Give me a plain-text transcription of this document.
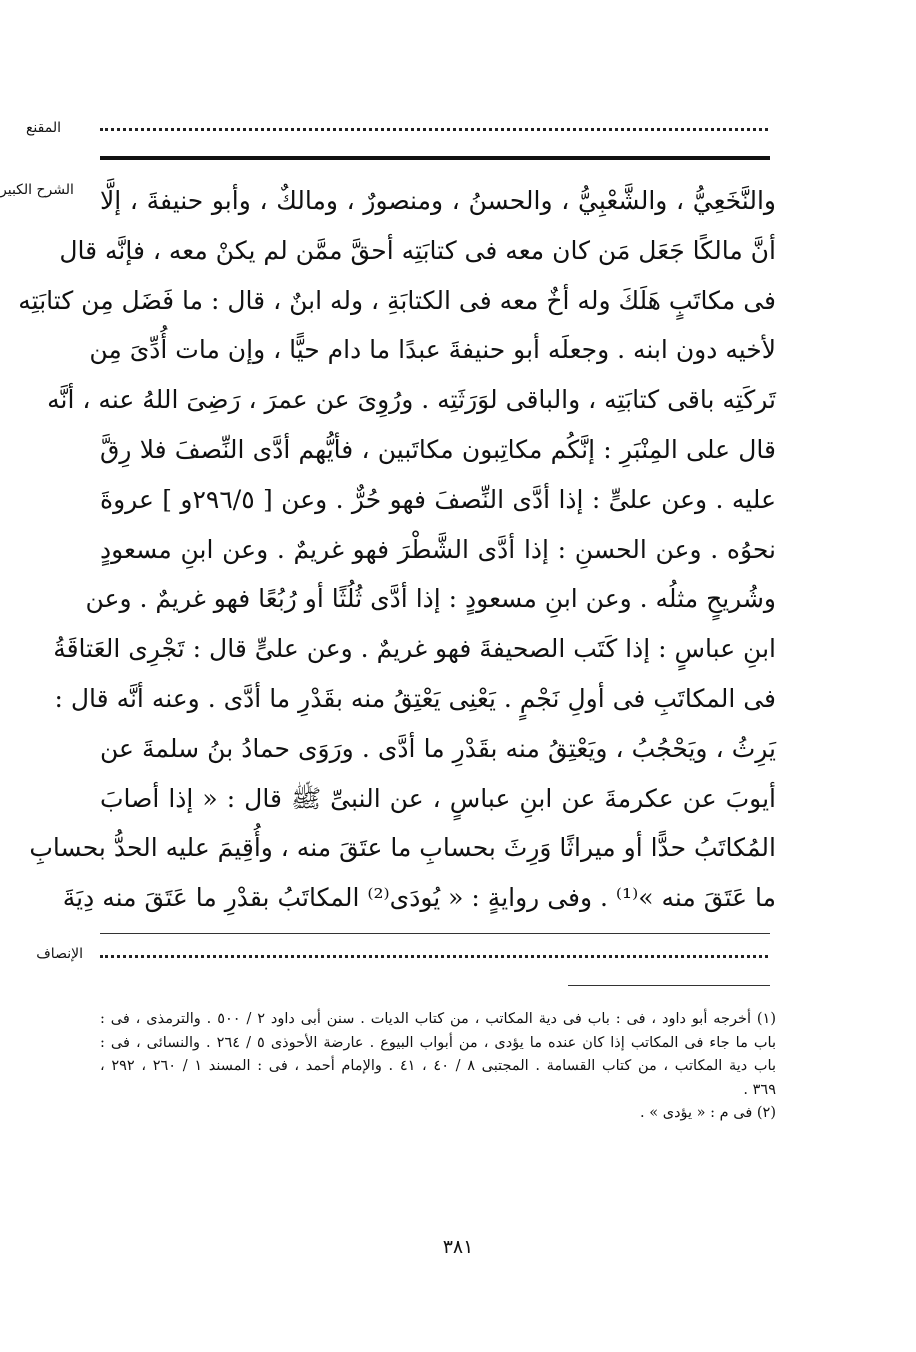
المقنع
الشرح الكبير والنَّخَعِيُّ ، والشَّعْبِيُّ ، والحسنُ ، ومنصورٌ ، ومالكٌ ، وأبو حنيفةَ ، إلَّا
أنَّ مالكًا جَعَل مَن كان معه فى كتابَتِه أحقَّ ممَّن لم يكنْ معه ، فإنَّه قال
فى مكاتَبٍ هَلَكَ وله أخٌ معه فى الكتابَةِ ، وله ابنٌ ، قال : ما فَضَل مِن كتابَتِه
لأخيه دون ابنه . وجعلَه أبو حنيفةَ عبدًا ما دام حيًّا ، وإن مات أُدِّىَ مِن
تَركَتِه باقى كتابَتِه ، والباقى لوَرَثَتِه . ورُوِىَ عن عمرَ ، رَضِىَ اللهُ عنه ، أنَّه
قال على المِنْبَرِ : إنَّكُم مكاتِبون مكاتَبين ، فأيُّهم أدَّى النِّصفَ فلا رِقَّ
عليه . وعن علىٍّ : إذا أدَّى النِّصفَ فهو حُرٌّ . وعن [ ٢٩٦/٥و ] عروةَ
نحوُه . وعن الحسنِ : إذا أدَّى الشَّطْرَ فهو غريمٌ . وعن ابنِ مسعودٍ
وشُريحٍ مثلُه . وعن ابنِ مسعودٍ : إذا أدَّى ثُلُثًا أو رُبُعًا فهو غريمٌ . وعن
ابنِ عباسٍ : إذا كَتَب الصحيفةَ فهو غريمٌ . وعن علىٍّ قال : تَجْرِى العَتاقَةُ
فى المكاتَبِ فى أولِ نَجْمٍ . يَعْنِى يَعْتِقُ منه بقَدْرِ ما أدَّى . وعنه أنَّه قال :
يَرِثُ ، ويَحْجُبُ ، ويَعْتِقُ منه بقَدْرِ ما أدَّى . ورَوَى حمادُ بنُ سلمةَ عن
أيوبَ عن عكرمةَ عن ابنِ عباسٍ ، عن النبىِّ ﷺ قال : « إذا أصابَ
المُكاتَبُ حدًّا أو ميراثًا وَرِثَ بحسابِ ما عتَقَ منه ، وأُقِيمَ عليه الحدُّ بحسابِ
ما عَتَقَ منه »⁽¹⁾ . وفى روايةٍ : « يُودَى⁽²⁾ المكاتَبُ بقدْرِ ما عَتَقَ منه دِيَةَ
الإنصاف
(١) أخرجه أبو داود ، فى : باب فى دية المكاتب ، من كتاب الديات . سنن أبى داود ٢ / ٥٠٠ . والترمذى ، فى :
باب ما جاء فى المكاتب إذا كان عنده ما يؤدى ، من أبواب البيوع . عارضة الأحوذى ٥ / ٢٦٤ . والنسائى ، فى :
باب دية المكاتب ، من كتاب القسامة . المجتبى ٨ / ٤٠ ، ٤١ . والإمام أحمد ، فى : المسند ١ / ٢٦٠ ، ٢٩٢ ،
٣٦٩ .
(٢) فى م : « يؤدى » .
٣٨١
